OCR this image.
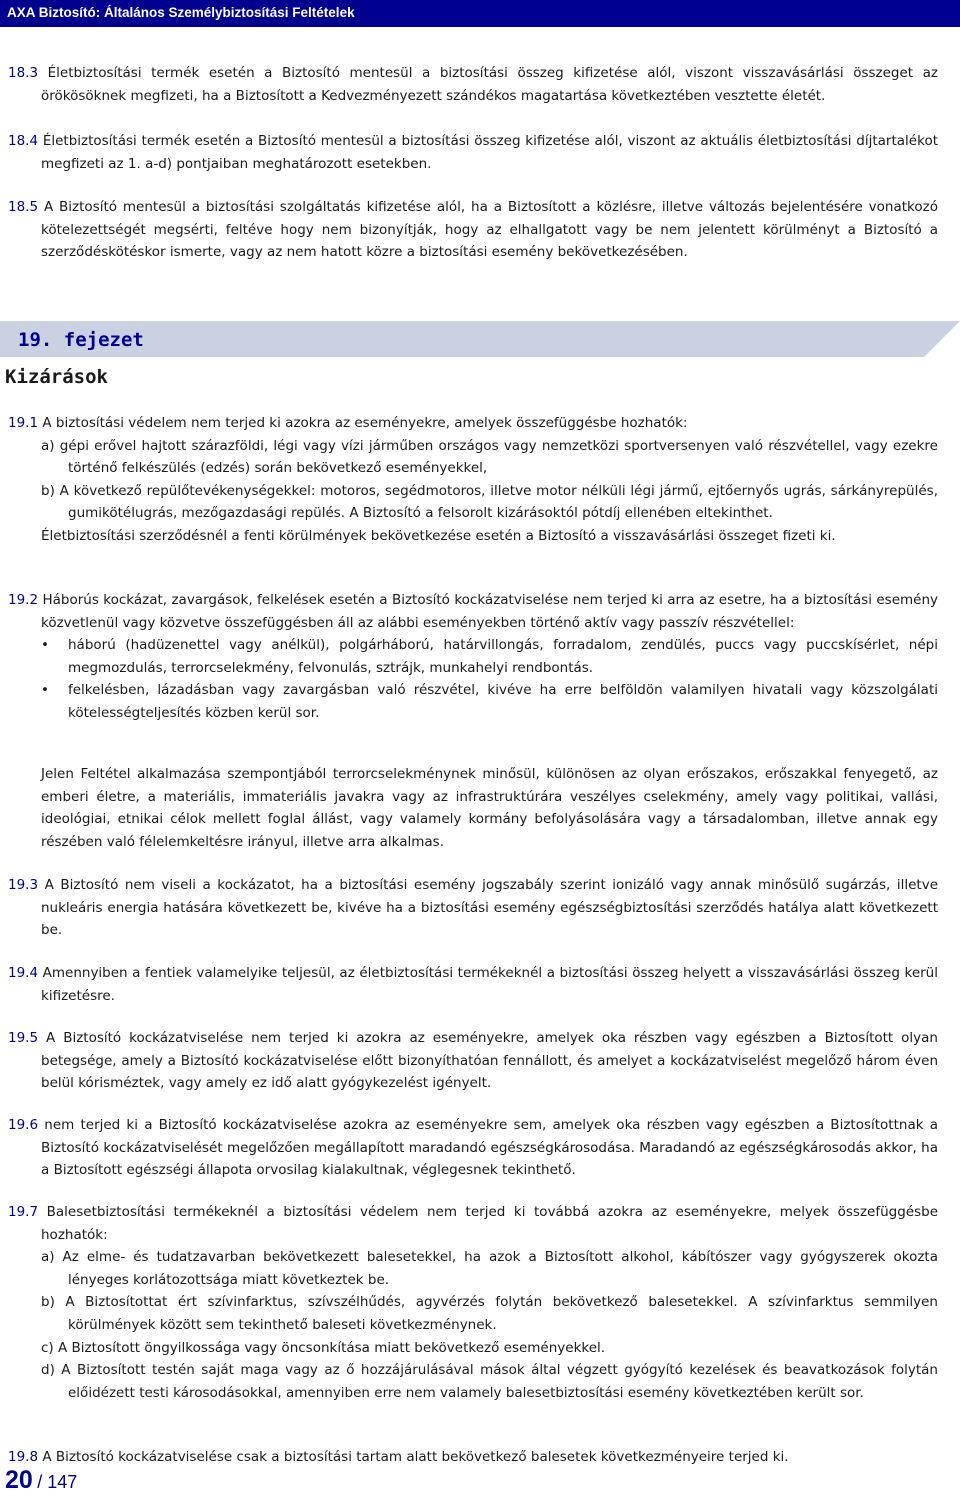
AXA Biztosító: Általános Személybiztosítási Feltételek
18.3 Életbiztosítási termék esetén a Biztosító mentesül a biztosítási összeg kifizetése alól, viszont visszavásárlási összeget az örökösöknek megfizeti, ha a Biztosított a Kedvezményezett szándékos magatartása következtében vesztette életét.
18.4 Életbiztosítási termék esetén a Biztosító mentesül a biztosítási összeg kifizetése alól, viszont az aktuális életbiztosítási díjtartalékot megfizeti az 1. a-d) pontjaiban meghatározott esetekben.
18.5 A Biztosító mentesül a biztosítási szolgáltatás kifizetése alól, ha a Biztosított a közlésre, illetve változás bejelentésére vonatkozó kötelezettségét megsérti, feltéve hogy nem bizonyítják, hogy az elhallgatott vagy be nem jelentett körülményt a Biztosító a szerződéskötéskor ismerte, vagy az nem hatott közre a biztosítási esemény bekövetkezésében.
19. fejezet
Kizárások
19.1 A biztosítási védelem nem terjed ki azokra az eseményekre, amelyek összefüggésbe hozhatók:
a) gépi erővel hajtott szárazföldi, légi vagy vízi járműben országos vagy nemzetközi sportversenyen való részvétellel, vagy ezekre történő felkészülés (edzés) során bekövetkező eseményekkel,
b) A következő repülőtevékenységekkel: motoros, segédmotoros, illetve motor nélküli légi jármű, ejtőernyős ugrás, sárkányrepülés, gumikötélugrás, mezőgazdasági repülés. A Biztosító a felsorolt kizárásoktól pótdíj ellenében eltekinthet.
Életbiztosítási szerződésnél a fenti körülmények bekövetkezése esetén a Biztosító a visszavásárlási összeget fizeti ki.
19.2 Háborús kockázat, zavargások, felkelések esetén a Biztosító kockázatviselése nem terjed ki arra az esetre, ha a biztosítási esemény közvetlenül vagy közvetve összefüggésben áll az alábbi eseményekben történő aktív vagy passzív részvétellel:
• háború (hadüzenettel vagy anélkül), polgárháború, határvillongás, forradalom, zendülés, puccs vagy puccskísérlet, népi megmozdulás, terrorcselekmény, felvonulás, sztrájk, munkahelyi rendbontás.
• felkelésben, lázadásban vagy zavargásban való részvétel, kivéve ha erre belföldön valamilyen hivatali vagy közszolgálati kötelességteljesítés közben kerül sor.
Jelen Feltétel alkalmazása szempontjából terrorcselekménynek minősül, különösen az olyan erőszakos, erőszakkal fenyegető, az emberi életre, a materiális, immateriális javakra vagy az infrastruktúrára veszélyes cselekmény, amely vagy politikai, vallási, ideológiai, etnikai célok mellett foglal állást, vagy valamely kormány befolyásolására vagy a társadalomban, illetve annak egy részében való félelemkeltésre irányul, illetve arra alkalmas.
19.3 A Biztosító nem viseli a kockázatot, ha a biztosítási esemény jogszabály szerint ionizáló vagy annak minősülő sugárzás, illetve nukleáris energia hatására következett be, kivéve ha a biztosítási esemény egészségbiztosítási szerződés hatálya alatt következett be.
19.4 Amennyiben a fentiek valamelyike teljesül, az életbiztosítási termékeknél a biztosítási összeg helyett a visszavásárlási összeg kerül kifizetésre.
19.5 A Biztosító kockázatviselése nem terjed ki azokra az eseményekre, amelyek oka részben vagy egészben a Biztosított olyan betegsége, amely a Biztosító kockázatviselése előtt bizonyíthatóan fennállott, és amelyet a kockázatviselést megelőző három éven belül kórisméztek, vagy amely ez idő alatt gyógykezelést igényelt.
19.6 nem terjed ki a Biztosító kockázatviselése azokra az eseményekre sem, amelyek oka részben vagy egészben a Biztosítottnak a Biztosító kockázatviselését megelőzően megállapított maradandó egészségkárosodása. Maradandó az egészségkárosodás akkor, ha a Biztosított egészségi állapota orvosilag kialakultnak, véglegesnek tekinthető.
19.7 Balesetbiztosítási termékeknél a biztosítási védelem nem terjed ki továbbá azokra az eseményekre, melyek összefüggésbe hozhatók:
a) Az elme- és tudatzavarban bekövetkezett balesetekkel, ha azok a Biztosított alkohol, kábítószer vagy gyógyszerek okozta lényeges korlátozottsága miatt következtek be.
b) A Biztosítottat ért szívinfarktus, szívszélhűdés, agyvérzés folytán bekövetkező balesetekkel. A szívinfarktus semmilyen körülmények között sem tekinthető baleseti következménynek.
c) A Biztosított öngyilkossága vagy öncsonkítása miatt bekövetkező eseményekkel.
d) A Biztosított testén saját maga vagy az ő hozzájárulásával mások által végzett gyógyító kezelések és beavatkozások folytán előidézett testi károsodásokkal, amennyiben erre nem valamely balesetbiztosítási esemény következtében került sor.
19.8 A Biztosító kockázatviselése csak a biztosítási tartam alatt bekövetkező balesetek következményeire terjed ki.
20 / 147
